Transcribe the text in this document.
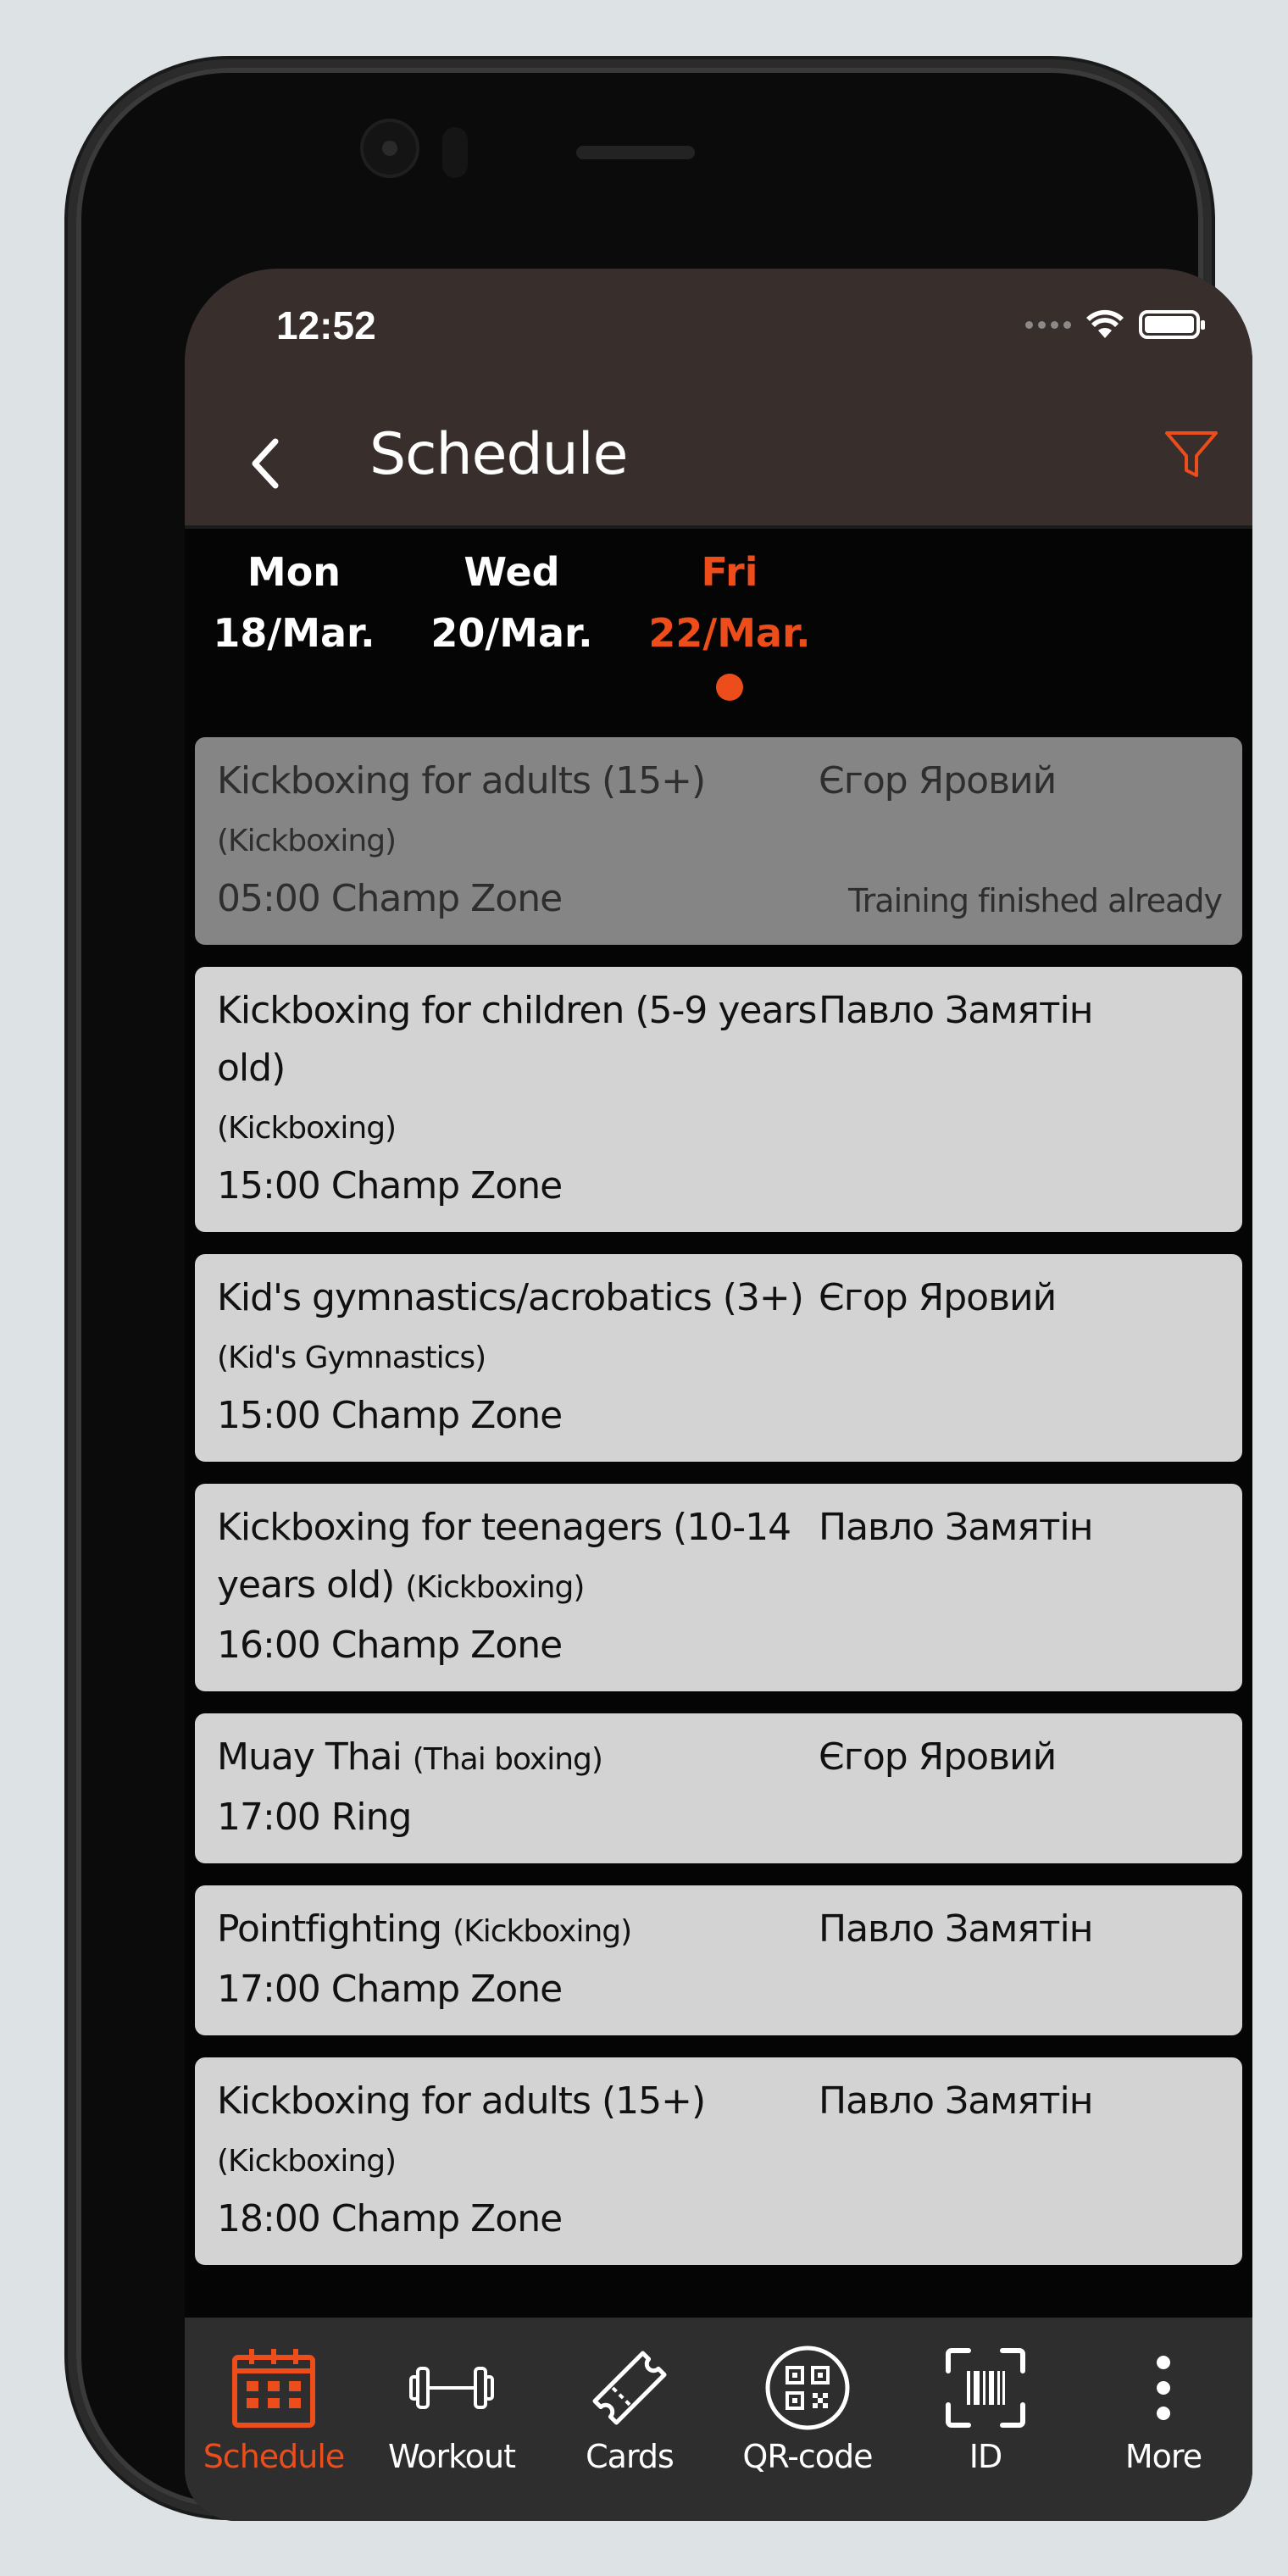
12:52
Schedule
Mon
18/Mar.
Wed
20/Mar.
Fri
22/Mar.
Kickboxing for adults (15+) (Kickboxing)
Єгор Яровий
05:00 Champ Zone	Training finished already
Kickboxing for children (5-9 years old)
(Kickboxing)
Павло Замятін
15:00 Champ Zone
Kid's gymnastics/acrobatics (3+) (Kid's Gymnastics)
Єгор Яровий
15:00 Champ Zone
Kickboxing for teenagers (10-14 years old) (Kickboxing)
Павло Замятін
16:00 Champ Zone
Muay Thai (Thai boxing)	Єгор Яровий
17:00 Ring
Pointfighting (Kickboxing)	Павло Замятін
17:00 Champ Zone
Kickboxing for adults (15+) (Kickboxing)
Павло Замятін
18:00 Champ Zone
Schedule Workout Cards QR-code	ID	More
